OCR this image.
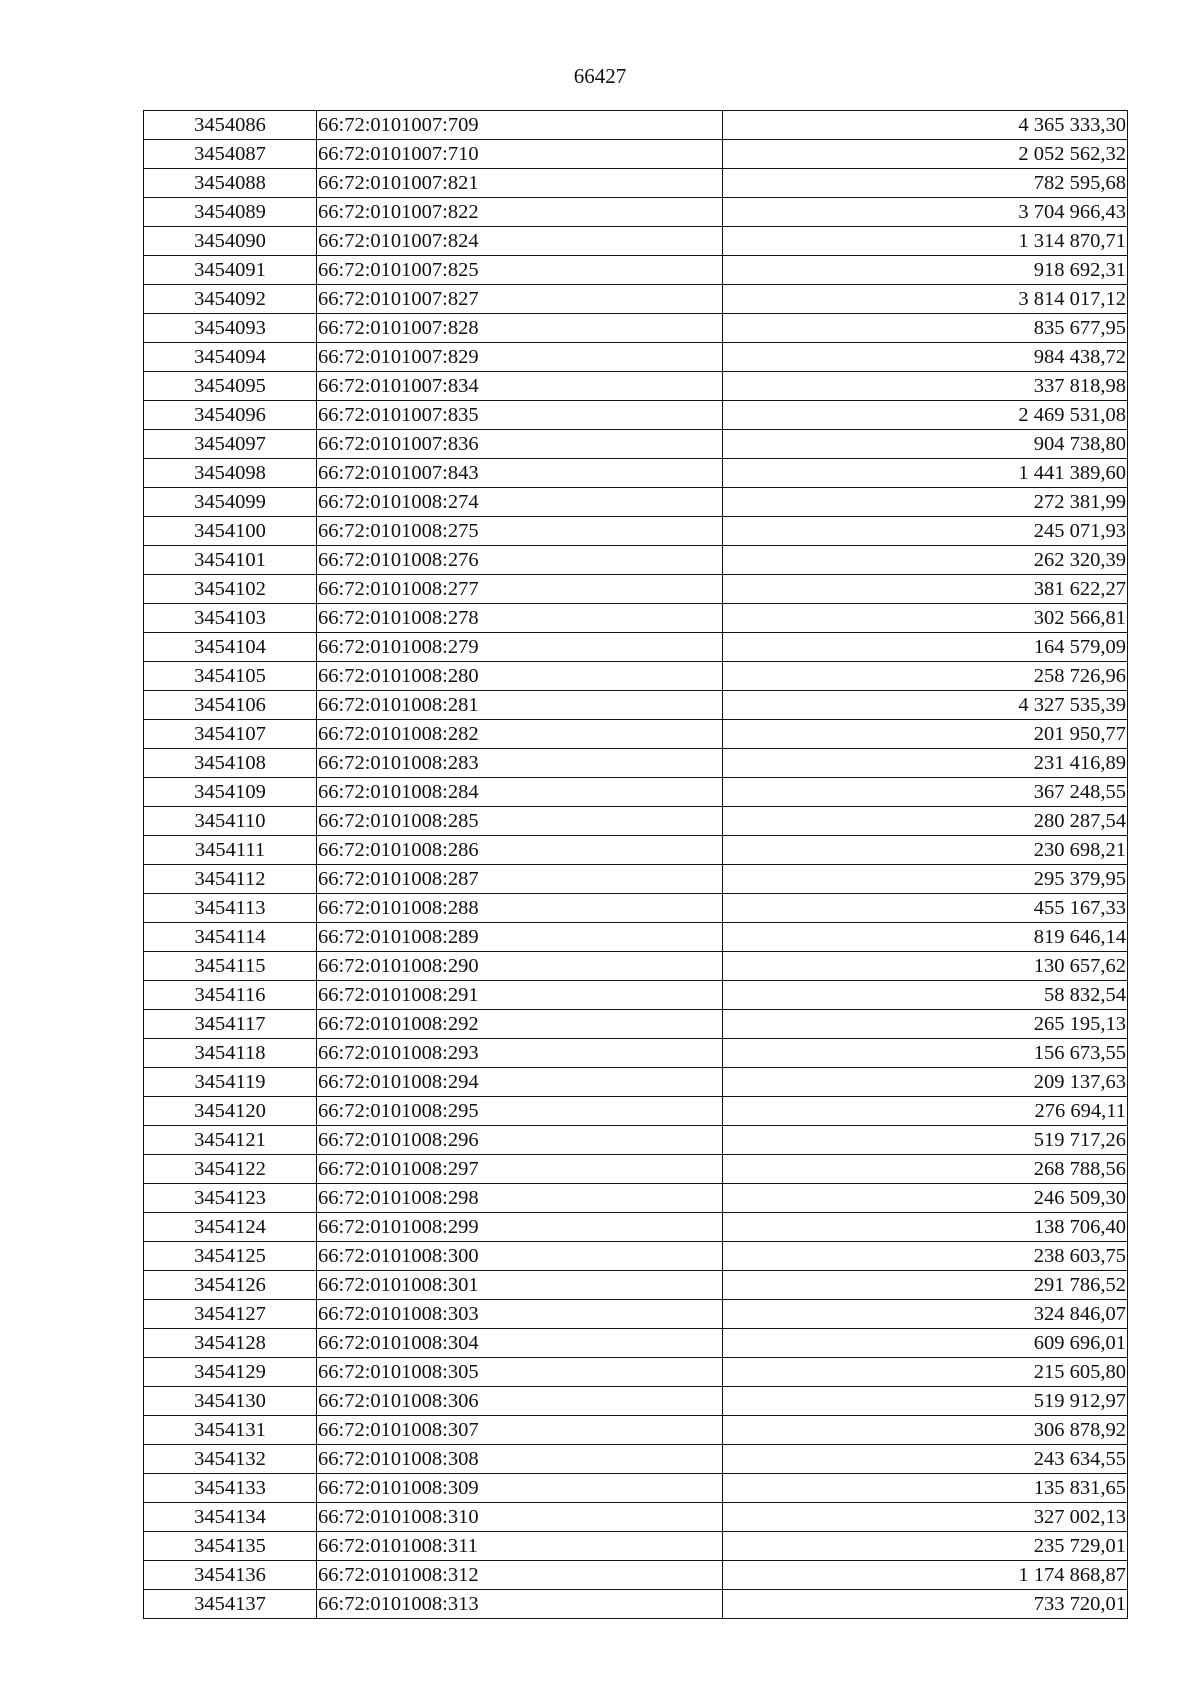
66427
3454086	66:72:0101007:709	4 365 333,30
3454087	66:72:0101007:710	2 052 562,32
3454088	66:72:0101007:821	782 595,68
3454089	66:72:0101007:822	3 704 966,43
3454090	66:72:0101007:824	1 314 870,71
3454091	66:72:0101007:825	918 692,31
3454092	66:72:0101007:827	3 814 017,12
3454093	66:72:0101007:828	835 677,95
3454094	66:72:0101007:829	984 438,72
3454095	66:72:0101007:834	337 818,98
3454096	66:72:0101007:835	2 469 531,08
3454097	66:72:0101007:836	904 738,80
3454098	66:72:0101007:843	1 441 389,60
3454099	66:72:0101008:274	272 381,99
3454100	66:72:0101008:275	245 071,93
3454101	66:72:0101008:276	262 320,39
3454102	66:72:0101008:277	381 622,27
3454103	66:72:0101008:278	302 566,81
3454104	66:72:0101008:279	164 579,09
3454105	66:72:0101008:280	258 726,96
3454106	66:72:0101008:281	4 327 535,39
3454107	66:72:0101008:282	201 950,77
3454108	66:72:0101008:283	231 416,89
3454109	66:72:0101008:284	367 248,55
3454110	66:72:0101008:285	280 287,54
3454111	66:72:0101008:286	230 698,21
3454112	66:72:0101008:287	295 379,95
3454113	66:72:0101008:288	455 167,33
3454114	66:72:0101008:289	819 646,14
3454115	66:72:0101008:290	130 657,62
3454116	66:72:0101008:291	58 832,54
3454117	66:72:0101008:292	265 195,13
3454118	66:72:0101008:293	156 673,55
3454119	66:72:0101008:294	209 137,63
3454120	66:72:0101008:295	276 694,11
3454121	66:72:0101008:296	519 717,26
3454122	66:72:0101008:297	268 788,56
3454123	66:72:0101008:298	246 509,30
3454124	66:72:0101008:299	138 706,40
3454125	66:72:0101008:300	238 603,75
3454126	66:72:0101008:301	291 786,52
3454127	66:72:0101008:303	324 846,07
3454128	66:72:0101008:304	609 696,01
3454129	66:72:0101008:305	215 605,80
3454130	66:72:0101008:306	519 912,97
3454131	66:72:0101008:307	306 878,92
3454132	66:72:0101008:308	243 634,55
3454133	66:72:0101008:309	135 831,65
3454134	66:72:0101008:310	327 002,13
3454135	66:72:0101008:311	235 729,01
3454136	66:72:0101008:312	1 174 868,87
3454137	66:72:0101008:313	733 720,01
